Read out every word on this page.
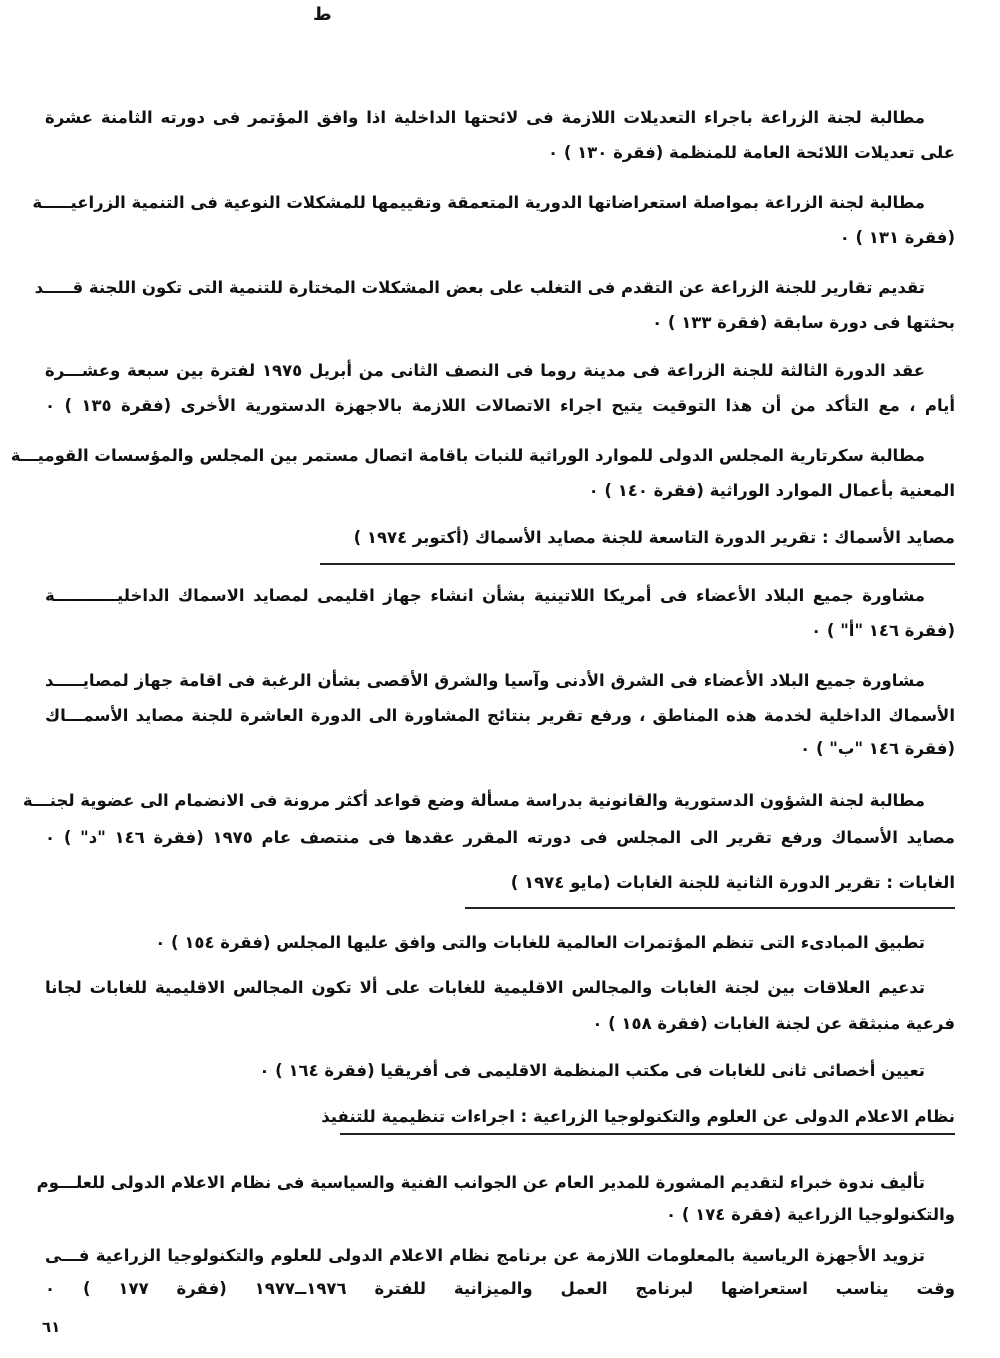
ط
مطالبة لجنة الزراعة باجراء التعديلات اللازمة فى لائحتها الداخلية اذا وافق المؤتمر فى دورته الثامنة عشرة
على تعديلات اللائحة العامة للمنظمة (فقرة ١٣٠ ) ٠
مطالبة لجنة الزراعة بمواصلة استعراضاتها الدورية المتعمقة وتقييمها للمشكلات النوعية فى التنمية الزراعيـــــة
(فقرة ١٣١ ) ٠
تقديم تقارير للجنة الزراعة عن التقدم فى التغلب على بعض المشكلات المختارة للتنمية التى تكون اللجنة قـــــد
بحثتها فى دورة سابقة (فقرة ١٣٣ ) ٠
عقد الدورة الثالثة للجنة الزراعة فى مدينة روما فى النصف الثانى من أبريل ١٩٧٥ لفترة بين سبعة وعشـــرة
أيام ، مع التأكد من أن هذا التوقيت يتيح اجراء الاتصالات اللازمة بالاجهزة الدستورية الأخرى (فقرة ١٣٥ ) ٠
مطالبة سكرتارية المجلس الدولى للموارد الوراثية للنبات باقامة اتصال مستمر بين المجلس والمؤسسات القوميـــة
المعنية بأعمال الموارد الوراثية (فقرة ١٤٠ ) ٠
مصايد الأسماك : تقرير الدورة التاسعة للجنة مصايد الأسماك (أكتوبر ١٩٧٤ )
مشاورة جميع البلاد الأعضاء فى أمريكا اللاتينية بشأن انشاء جهاز اقليمى لمصايد الاسماك الداخليـــــــــــة
(فقرة ١٤٦ "أ" ) ٠
مشاورة جميع البلاد الأعضاء فى الشرق الأدنى وآسيا والشرق الأقصى بشأن الرغبة فى اقامة جهاز لمصايـــــد
الأسماك الداخلية لخدمة هذه المناطق ، ورفع تقرير بنتائج المشاورة الى الدورة العاشرة للجنة مصايد الأسمـــاك
(فقرة ١٤٦ "ب" ) ٠
مطالبة لجنة الشؤون الدستورية والقانونية بدراسة مسألة وضع قواعد أكثر مرونة فى الانضمام الى عضوية لجنـــة
مصايد الأسماك ورفع تقرير الى المجلس فى دورته المقرر عقدها فى منتصف عام ١٩٧٥ (فقرة ١٤٦ "د" ) ٠
الغابات : تقرير الدورة الثانية للجنة الغابات (مايو ١٩٧٤ )
تطبيق المبادىء التى تنظم المؤتمرات العالمية للغابات والتى وافق عليها المجلس (فقرة ١٥٤ ) ٠
تدعيم العلاقات بين لجنة الغابات والمجالس الاقليمية للغابات على ألا تكون المجالس الاقليمية للغابات لجانا
فرعية منبثقة عن لجنة الغابات (فقرة ١٥٨ ) ٠
تعيين أخصائى ثانى للغابات فى مكتب المنظمة الاقليمى فى أفريقيا (فقرة ١٦٤ ) ٠
نظام الاعلام الدولى عن العلوم والتكنولوجيا الزراعية : اجراءات تنظيمية للتنفيذ
تأليف ندوة خبراء لتقديم المشورة للمدير العام عن الجوانب الفنية والسياسية فى نظام الاعلام الدولى للعلـــوم
والتكنولوجيا الزراعية (فقرة ١٧٤ ) ٠
تزويد الأجهزة الرياسية بالمعلومات اللازمة عن برنامج نظام الاعلام الدولى للعلوم والتكنولوجيا الزراعية فـــى
وقت يناسب استعراضها لبرنامج العمل والميزانية للفترة ١٩٧٦ــ١٩٧٧ (فقرة ١٧٧ ) ٠
٦١
